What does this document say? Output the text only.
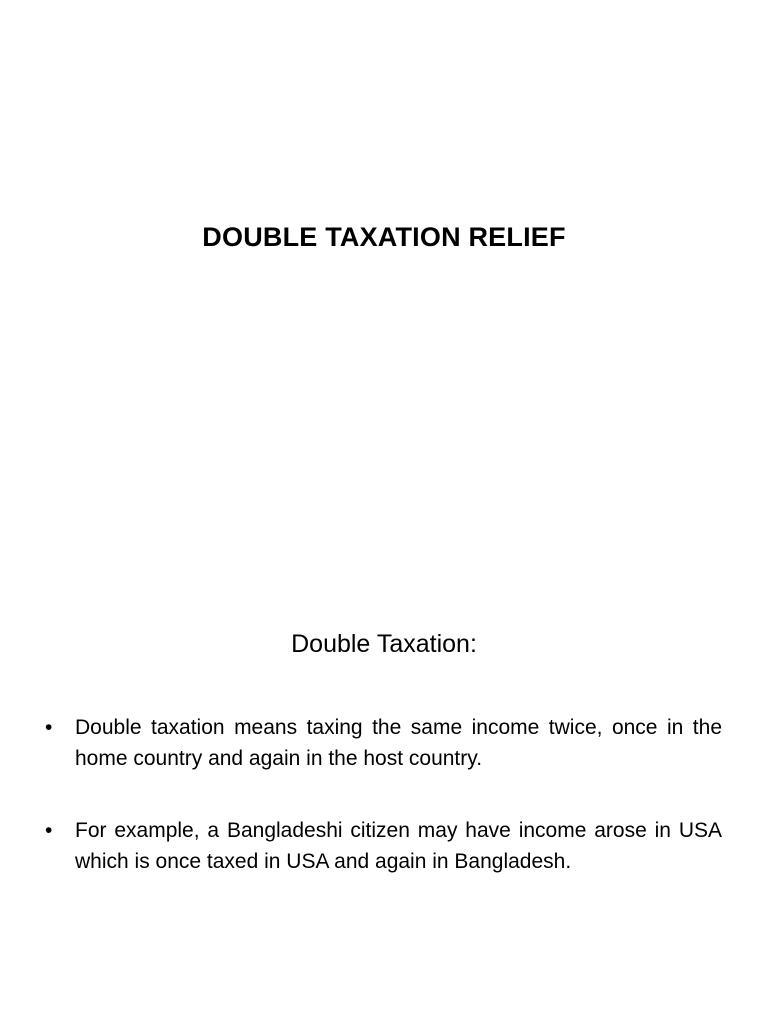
DOUBLE TAXATION RELIEF
Double Taxation:
• Double taxation means taxing the same income twice, once in the home country and again in the host country.
• For example, a Bangladeshi citizen may have income arose in USA which is once taxed in USA and again in Bangladesh.
